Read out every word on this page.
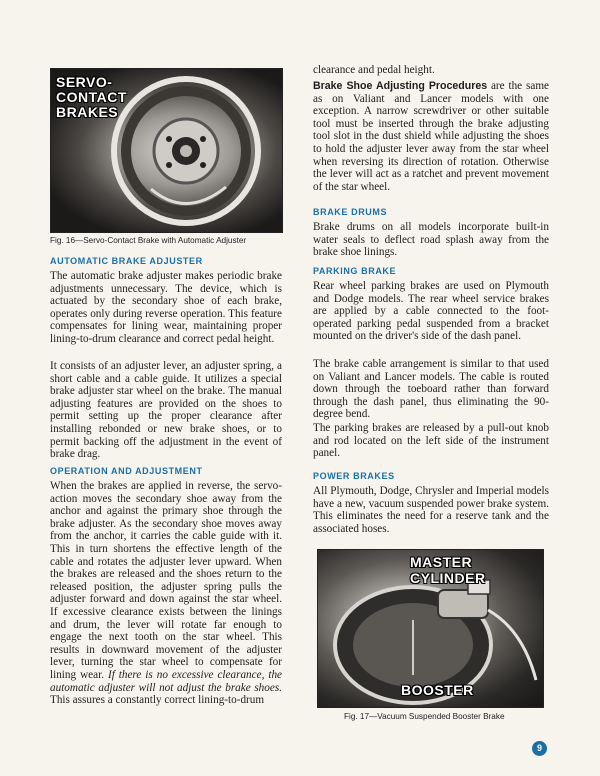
SERVO-
CONTACT
BRAKES
Fig. 16—Servo-Contact Brake with Automatic Adjuster
AUTOMATIC BRAKE ADJUSTER

The automatic brake adjuster makes periodic brake adjustments unnecessary. The device, which is actuated by the secondary shoe of each brake, operates only during reverse operation. This feature compensates for lining wear, maintaining proper lining-to-drum clearance and correct pedal height.

It consists of an adjuster lever, an adjuster spring, a short cable and a cable guide. It utilizes a special brake adjuster star wheel on the brake. The manual adjusting features are provided on the shoes to permit setting up the proper clearance after installing rebonded or new brake shoes, or to permit backing off the adjustment in the event of brake drag.

OPERATION AND ADJUSTMENT

When the brakes are applied in reverse, the servo-action moves the secondary shoe away from the anchor and against the primary shoe through the brake adjuster. As the secondary shoe moves away from the anchor, it carries the cable guide with it. This in turn shortens the effective length of the cable and rotates the adjuster lever upward. When the brakes are released and the shoes return to the released position, the adjuster spring pulls the adjuster forward and down against the star wheel. If excessive clearance exists between the linings and drum, the lever will rotate far enough to engage the next tooth on the star wheel. This results in downward movement of the adjuster lever, turning the star wheel to compensate for lining wear. If there is no excessive clearance, the automatic adjuster will not adjust the brake shoes. This assures a constantly correct lining-to-drum

clearance and pedal height.

Brake Shoe Adjusting Procedures are the same as on Valiant and Lancer models with one exception. A narrow screwdriver or other suitable tool must be inserted through the brake adjusting tool slot in the dust shield while adjusting the shoes to hold the adjuster lever away from the star wheel when reversing its direction of rotation. Otherwise the lever will act as a ratchet and prevent movement of the star wheel.

BRAKE DRUMS

Brake drums on all models incorporate built-in water seals to deflect road splash away from the brake shoe linings.

PARKING BRAKE

Rear wheel parking brakes are used on Plymouth and Dodge models. The rear wheel service brakes are applied by a cable connected to the foot-operated parking pedal suspended from a bracket mounted on the driver's side of the dash panel.

The brake cable arrangement is similar to that used on Valiant and Lancer models. The cable is routed down through the toeboard rather than forward through the dash panel, thus eliminating the 90-degree bend.

The parking brakes are released by a pull-out knob and rod located on the left side of the instrument panel.

POWER BRAKES

All Plymouth, Dodge, Chrysler and Imperial models have a new, vacuum suspended power brake system. This eliminates the need for a reserve tank and the associated hoses.

MASTER CYLINDER
BOOSTER
Fig. 17—Vacuum Suspended Booster Brake
9
